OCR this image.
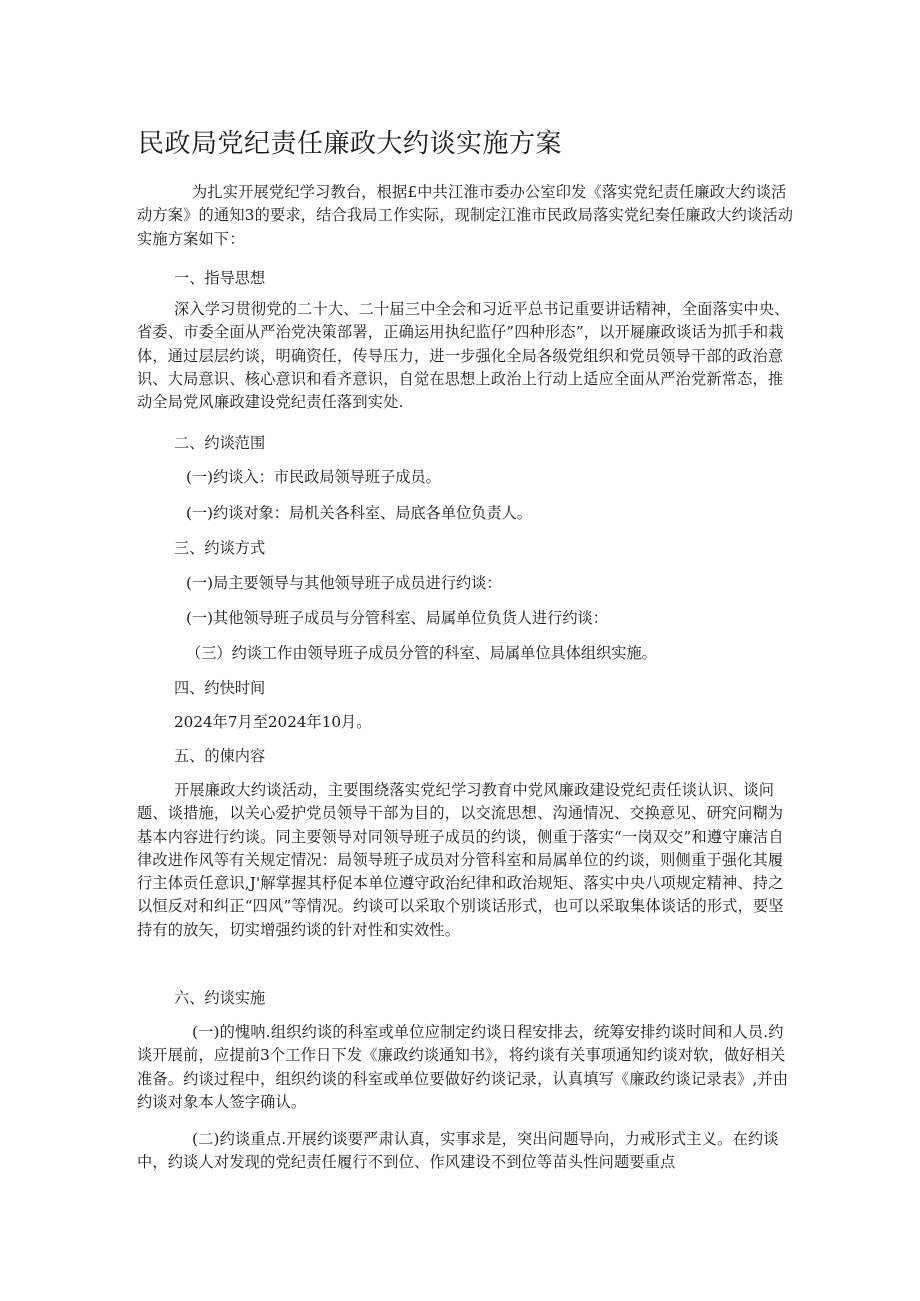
民政局党纪责任廉政大约谈实施方案

为扎实开展党纪学习教台，根据£中共江淮市委办公室印发《落实党纪责任廉政大约谈活动方案》的通知3的要求，结合我局工作实际，现制定江淮市民政局落实党纪奏任廉政大约谈活动实施方案如下：

一、指导思想

深入学习贯彻党的二十大、二十届三中全会和习近平总书记重要讲话精神，全面落实中央、省委、市委全面从严治党决策部署，正确运用执纪监仔”四种形态”，以开屣廉政谈话为抓手和栽体，通过层层约谈，明确资任，传导压力，进一步强化全局各级党组织和党员领导干部的政治意识、大局意识、核心意识和看齐意识，自觉在思想上政治上行动上适应全面从严治党新常态，推动全局党风廉政建设党纪责任落到实处.

二、约谈范围
(一)约谈入：市民政局领导班子成员。
(一)约谈对象：局机关各科室、局底各单位负责人。
三、约谈方式
(一)局主要领导与其他领导班子成员进行约谈：
(一)其他领导班子成员与分管科室、局属单位负货人进行约谈：
（三）约谈工作由领导班子成员分管的科室、局属单位具体组织实施。
四、约快时间
2024年7月至2024年10月。
五、的倲内容

开展廉政大约谈活动，主要围绕落实党纪学习教育中党风廉政建设党纪责任谈认识、谈问题、谈措施，以关心爱护党员领导干部为目的，以交流思想、沟通情况、交换意见、研究问糊为基本内容进行约谈。同主要领导对同领导班子成员的约谈，侧重于落实“一岗双交”和遵守廉洁自律改进作风等有关规定情况：局领导班子成员对分管科室和局属单位的约谈，则侧重于强化其履行主体贡任意识,J'解掌握其杼促本单位遵守政治纪律和政治规矩、落实中央八项规定精神、持之以恒反对和纠正“四风”等情况。约谈可以采取个别谈话形式，也可以采取集体谈话的形式，要坚持有的放矢，切实增强约谈的针对性和实效性。

六、约谈实施

(一)的愧呐.组织约谈的科室或单位应制定约谈日程安排去，统筹安排约谈时间和人员.约谈开展前，应提前3个工作日下发《廉政约谈通知书》，将约谈有关事项通知约谈对软，做好相关准备。约谈过程中，组织约谈的科室或单位要做好约谈记录，认真填写《廉政约谈记录表》,并由约谈对象本人签字确认。

(二)约谈重点.开展约谈要严肃认真，实事求是，突出问题导向，力戒形式主义。在约谈中，约谈人对发现的党纪责任履行不到位、作风建设不到位等苗头性问题要重点
